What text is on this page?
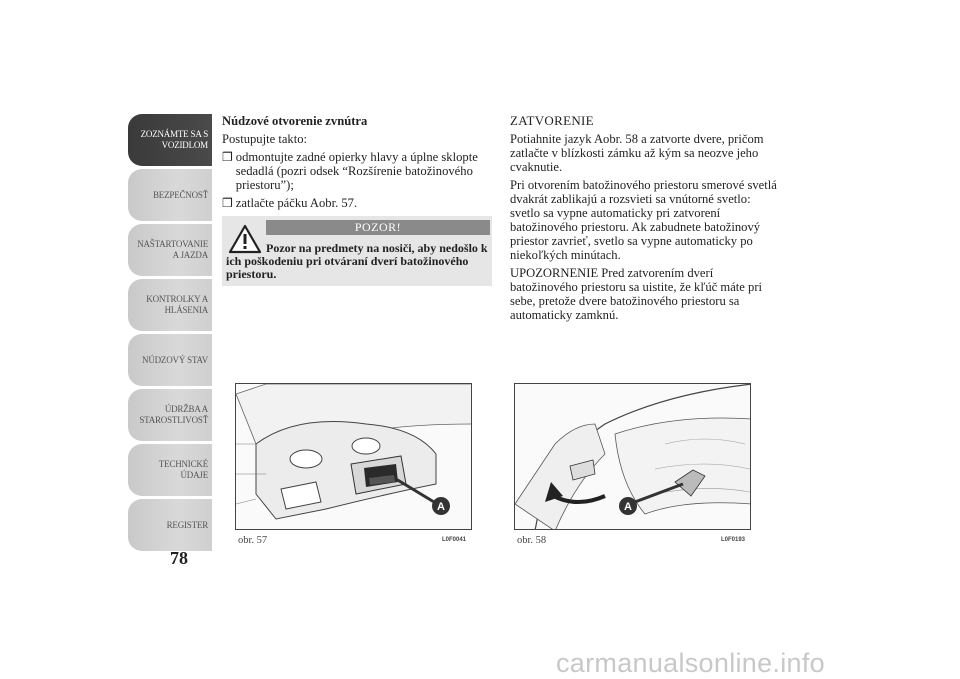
ZOZNÁMTE SA S
VOZIDLOM
BEZPEČNOSŤ
NAŠTARTOVANIE
A JAZDA
KONTROLKY A
HLÁSENIA
NÚDZOVÝ STAV
ÚDRŽBA A
STAROSTLIVOSŤ
TECHNICKÉ
ÚDAJE
REGISTER
78

Núdzové otvorenie zvnútra

Postupujte takto:

❒ odmontujte zadné opierky hlavy a úplne sklopte sedadlá (pozri odsek “Rozšírenie batožinového priestoru”);
❒ zatlačte páčku Aobr. 57.
POZOR!
Pozor na predmety na nosiči, aby nedošlo k ich poškodeniu pri otváraní dverí batožinového priestoru.

ZATVORENIE

Potiahnite jazyk Aobr. 58 a zatvorte dvere, pričom zatlačte v blízkosti zámku až kým sa neozve jeho cvaknutie.

Pri otvorením batožinového priestoru smerové svetlá dvakrát zablikajú a rozsvieti sa vnútorné svetlo: svetlo sa vypne automaticky pri zatvorení batožinového priestoru. Ak zabudnete batožinový priestor zavrieť, svetlo sa vypne automaticky po niekoľkých minútach.

UPOZORNENIE Pred zatvorením dverí batožinového priestoru sa uistite, že kľúč máte pri sebe, pretože dvere batožinového priestoru sa automaticky zamknú.

A
obr. 57	L0F0041
A
obr. 58	L0F0193
carmanualsonline.info
